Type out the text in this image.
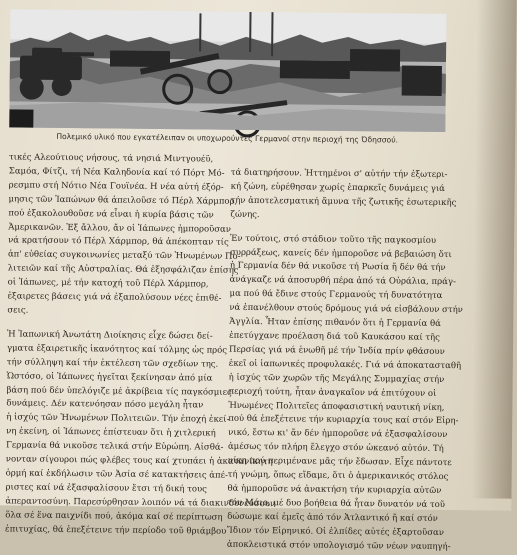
Πολεμικό υλικό που εγκατέλειπαν οι υποχωρούντες Γερμανοί στην περιοχή της Όδησσού.
τικές Αλεούτιους νήσους, τά νησιά Μιντγουέϋ,
Σαμόα, Φίτζι, τή Νέα Καληδονία καί τό Πόρτ Μό-
ρεσμπυ στή Νότιο Νέα Γουϊνέα. Η νέα αύτή έξόρ-
μησις τῶν Ἰαπώνων θά ἀπειλοῦσε τό Πέρλ Χάρμπορ,
πού ἐξακολουθοῦσε νά εἶναι ἡ κυρία βάσις τῶν
Ἀμερικανῶν. Ἐξ ἄλλου, ἄν οἱ Ἰάπωνες ἠμποροῦσαν
νά κρατήσουν τό Πέρλ Χάρμπορ, θά ἀπέκοπταν τίς
ἀπ' εὐθείας συγκοινωνίες μεταξύ τῶν Ἡνωμένων Πο-
λιτειῶν καί τῆς Αὐστραλίας. Θά ἐξησφάλιζαν ἐπίσης
οἱ Ἰάπωνες, μέ τήν κατοχή τοῦ Πέρλ Χάρμπορ,
ἐξαιρετες βάσεις γιά νά ἐξαπολύσουν νέες ἐπιθέ-
σεις.
Ἡ Ἰαπωνική Ἀνωτάτη Διοίκησις εἶχε δώσει δεί-
γματα ἐξαιρετικῆς ἱκανότητος καί τόλμης ὡς πρός
τήν σύλληψη καί τήν ἐκτέλεση τῶν σχεδίων της.
Ὡστόσο, οἱ Ἰάπωνες ἡγεῖται ξεκίνησαν ἀπό μία
βάση πού δέν ὑπελόγιζε μέ ἀκρίβεια τίς παγκόσμιες
δυνάμεις. Δέν κατενόησαν πόσο μεγάλη ἦταν
ἡ ἰσχύς τῶν Ἡνωμένων Πολιτειῶν. Τήν ἐποχή ἐκεί-
νη ἐκείνη, οἱ Ἰάπωνες ἐπίστευαν ὅτι ἡ χιτλερική
Γερμανία θά νικοῦσε τελικά στήν Εὐρώπη. Αἰσθά-
νονταν σίγουροι πώς φλέβες τους καί χτυπάει ἡ ἀκατανίκητη
ὁρμή καί ἐκδήλωσιν τῶν Ἀσία σέ κατακτήσεις ἀπέ-
ριστες καί νά ἐξασφαλίσουν ἔτσι τή δική τους
ἀπεραντοσύνη. Παρεσύρθησαν λοιπόν νά τά διακινδυνεύσουν
ὅλα σέ ἕνα παιχνίδι πού, ἀκόμα καί σέ περίπτωση
ἐπιτυχίας, θά ἐπεξέτεινε τήν περίοδο τοῦ θριάμβου
τά διατηρήσουν. Ἡττημένοι σ' αὐτήν τήν ἐξωτερι-
κή ζώνη, εὑρέθησαν χωρίς ἐπαρκεῖς δυνάμεις γιά
τήν ἀποτελεσματική ἄμυνα τῆς ζωτικῆς ἐσωτερικῆς
ζώνης.
Ἐν τούτοις, στό στάδιον τοῦτο τῆς παγκοσμίου
συρράξεως, κανείς δέν ἠμποροῦσε νά βεβαιώση ὅτι
ἡ Γερμανία δέν θά νικοῦσε τή Ρωσία ἤ δέν θά τήν
ἀνάγκαζε νά ἀποσυρθή πέρα ἀπό τά Οὐράλια, πράγ-
μα πού θά ἔδινε στούς Γερμανούς τή δυνατότητα
νά ἐπανέλθουν στούς δρόμους γιά νά εἰσβάλουν στήν
Ἀγγλία. Ἦταν ἐπίσης πιθανόν ὅτι ἡ Γερμανία θά
ἐπετύγχανε προέλαση διά τοῦ Καυκάσου καί τῆς
Περσίας γιά νά ἑνωθῆ μέ τήν Ἰνδία πρίν φθάσουν
ἐκεῖ οἱ ἰαπωνικές προφυλακές. Γιά νά ἀποκατασταθῆ
ἡ ἰσχύς τῶν χωρῶν τῆς Μεγάλης Συμμαχίας στήν
περιοχή τούτη, ἦταν ἀναγκαῖον νά ἐπιτύχουν οἱ
Ἡνωμένες Πολιτεῖες ἀποφασιστική ναυτική νίκη,
πού θά ἐπεξέτεινε τήν κυριαρχία τους καί στόν Εἰρη-
νικό, ἔστω κι' ἄν δέν ἠμποροῦσε νά ἐξασφαλίσουν
ἀμέσως τόν πλήρη ἔλεγχο στόν ὠκεανό αὐτόν. Τή
νίκη πού περιμένανε μᾶς τήν ἔδωσαν. Εἶχε πάντοτε
τή γνώμη, ὅπως εἴδαμε, ὅτι ὁ ἀμερικανικός στόλος
θά ἠμποροῦσε νά ἀνακτήση τήν κυριαρχία αὐτῶν
τόν Μάιο, μέ δυο βοήθεια θά ἦταν δυνατόν νά τοῦ
δώσωμε καί ἐμεῖς ἀπό τόν Ἀτλαντικό ἤ καί στόν
Ἴδιον τόν Εἰρηνικό. Οἱ ἐλπίδες αὐτές ἐξαρτοῦσαν
ἀποκλειστικά στόν υπολογισμό τῶν νέων ναυπηγή-
